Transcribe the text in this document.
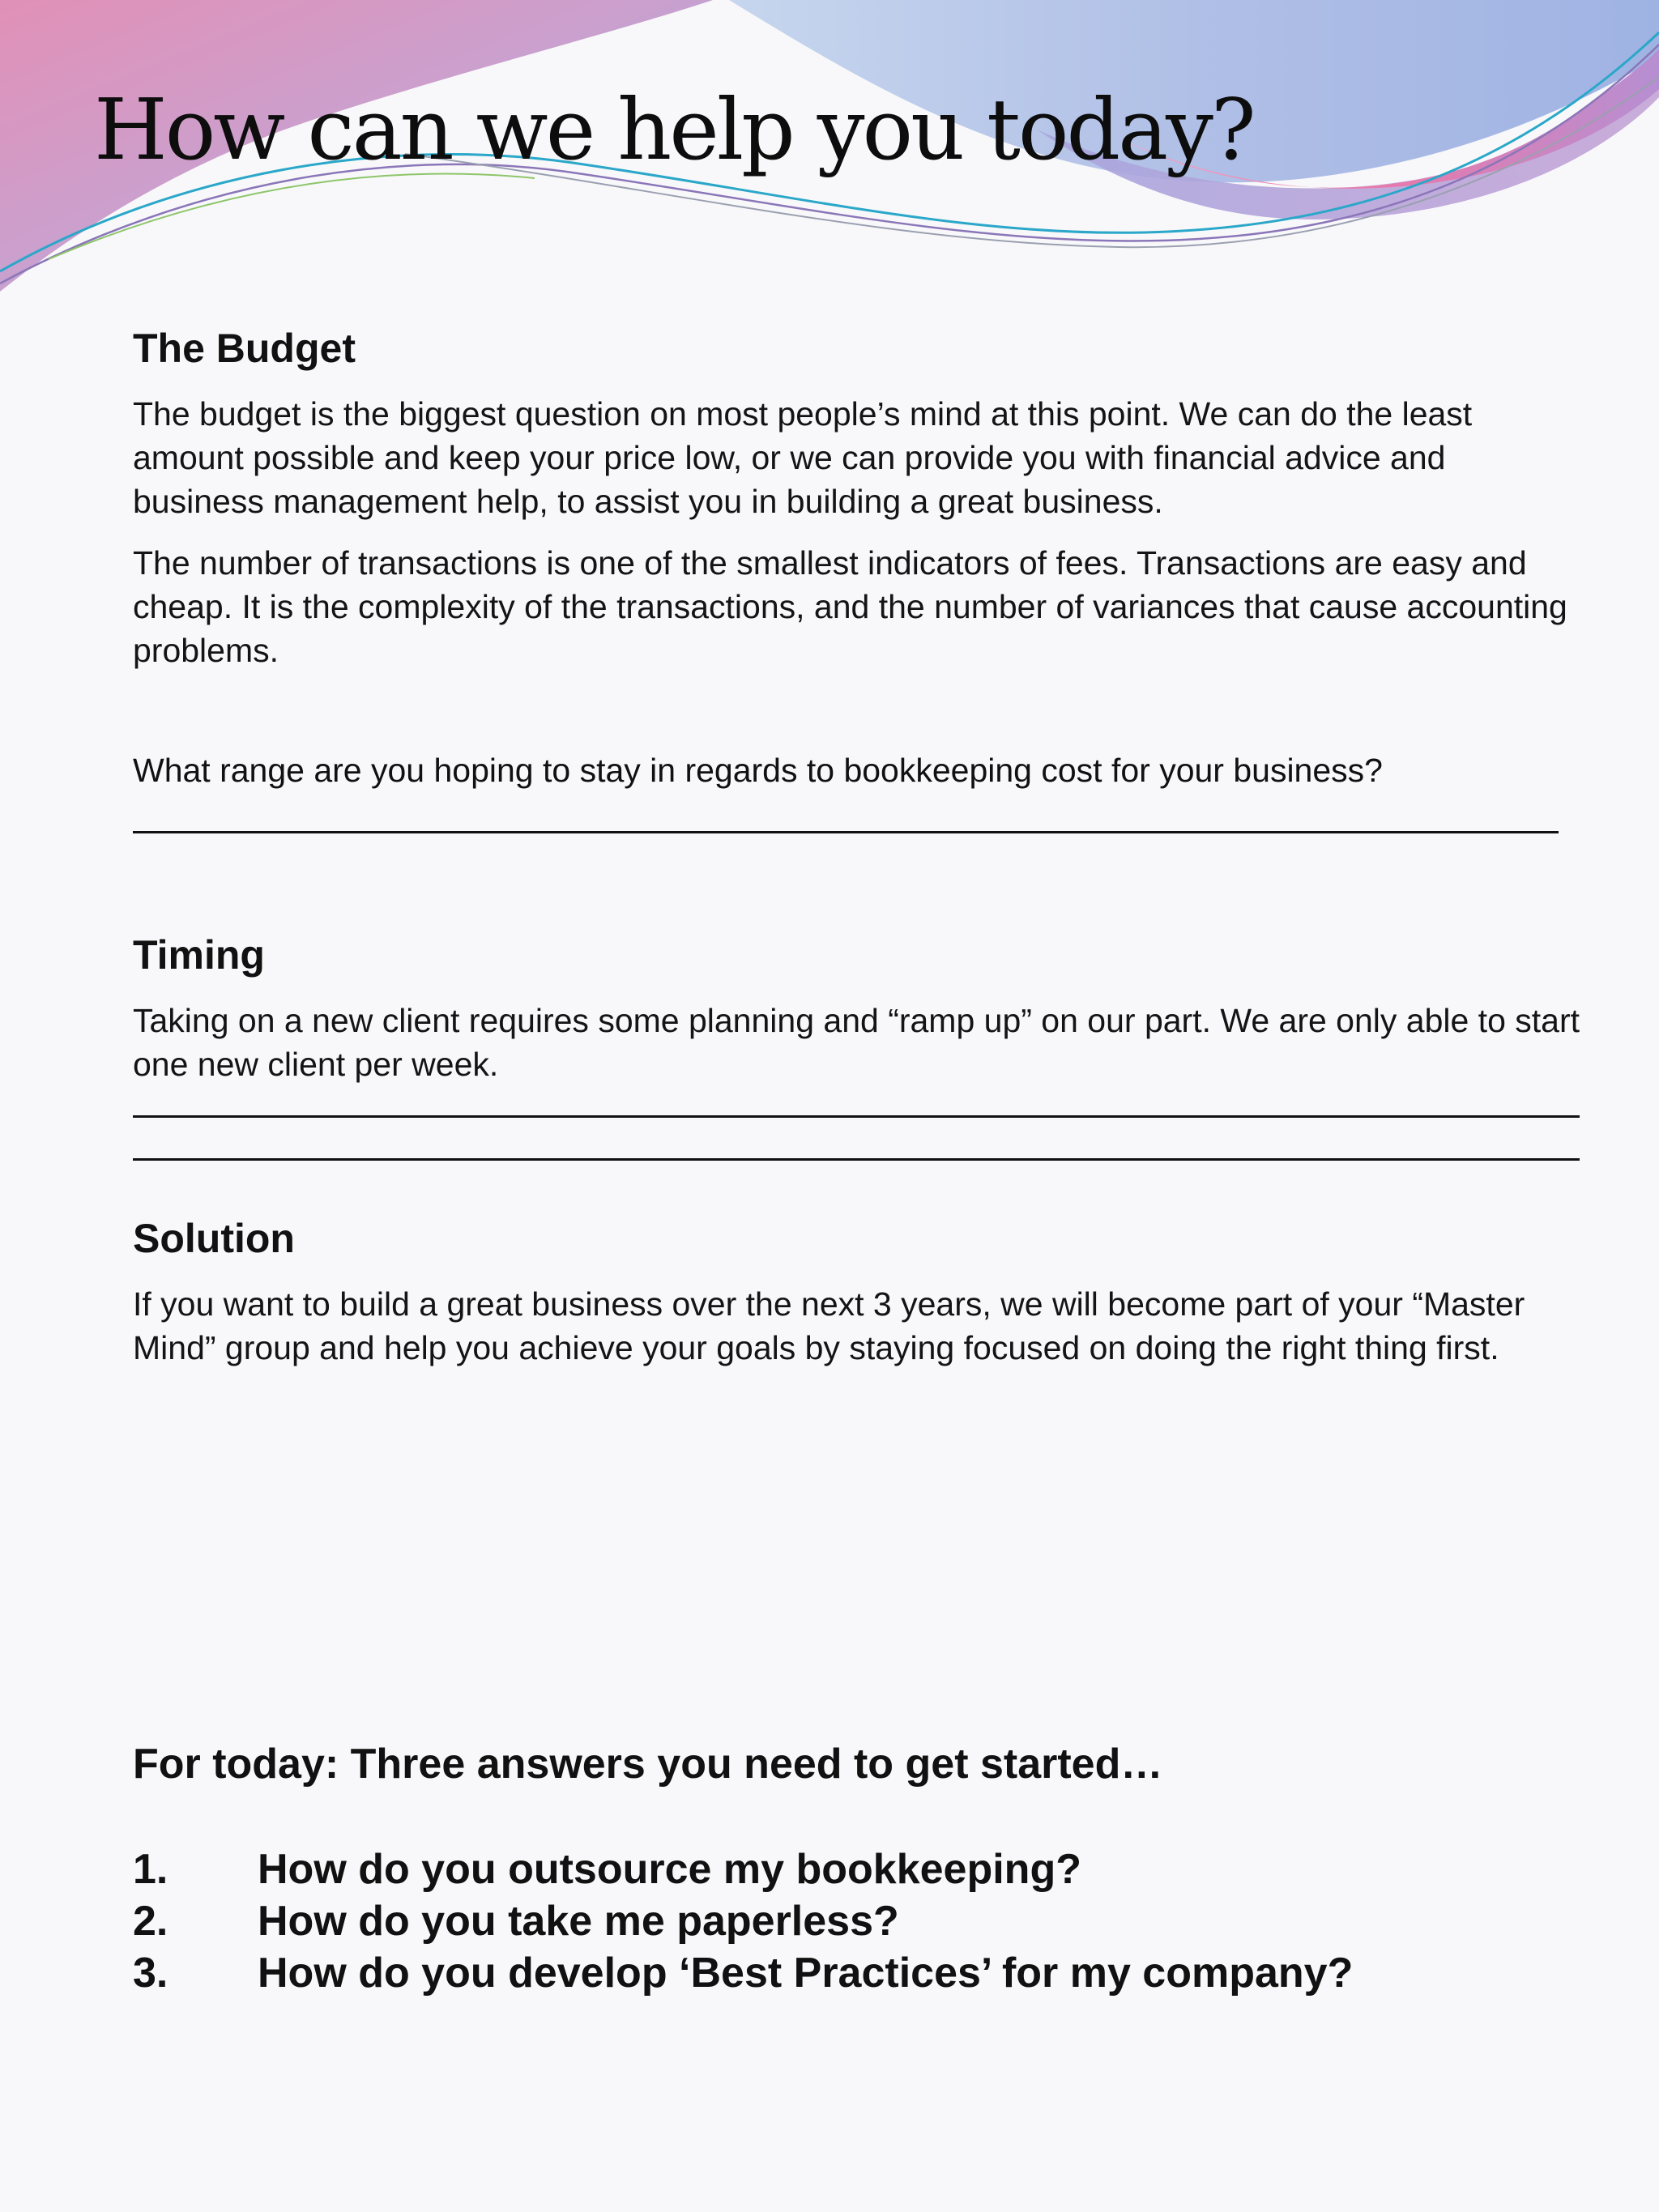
How can we help you today?
The Budget

The budget is the biggest question on most people’s mind at this point. We can do the least amount possible and keep your price low, or we can provide you with financial advice and business management help, to assist you in building a great business.

The number of transactions is one of the smallest indicators of fees. Transactions are easy and cheap. It is the complexity of the transactions, and the number of variances that cause accounting problems.

What range are you hoping to stay in regards to bookkeeping cost for your business?

Timing

Taking on a new client requires some planning and “ramp up” on our part. We are only able to start one new client per week.

Solution

If you want to build a great business over the next 3 years, we will become part of your “Master Mind” group and help you achieve your goals by staying focused on doing the right thing first.

For today: Three answers you need to get started…
1.	How do you outsource my bookkeeping?
2.	How do you take me paperless?
3.	How do you develop ‘Best Practices’ for my company?
